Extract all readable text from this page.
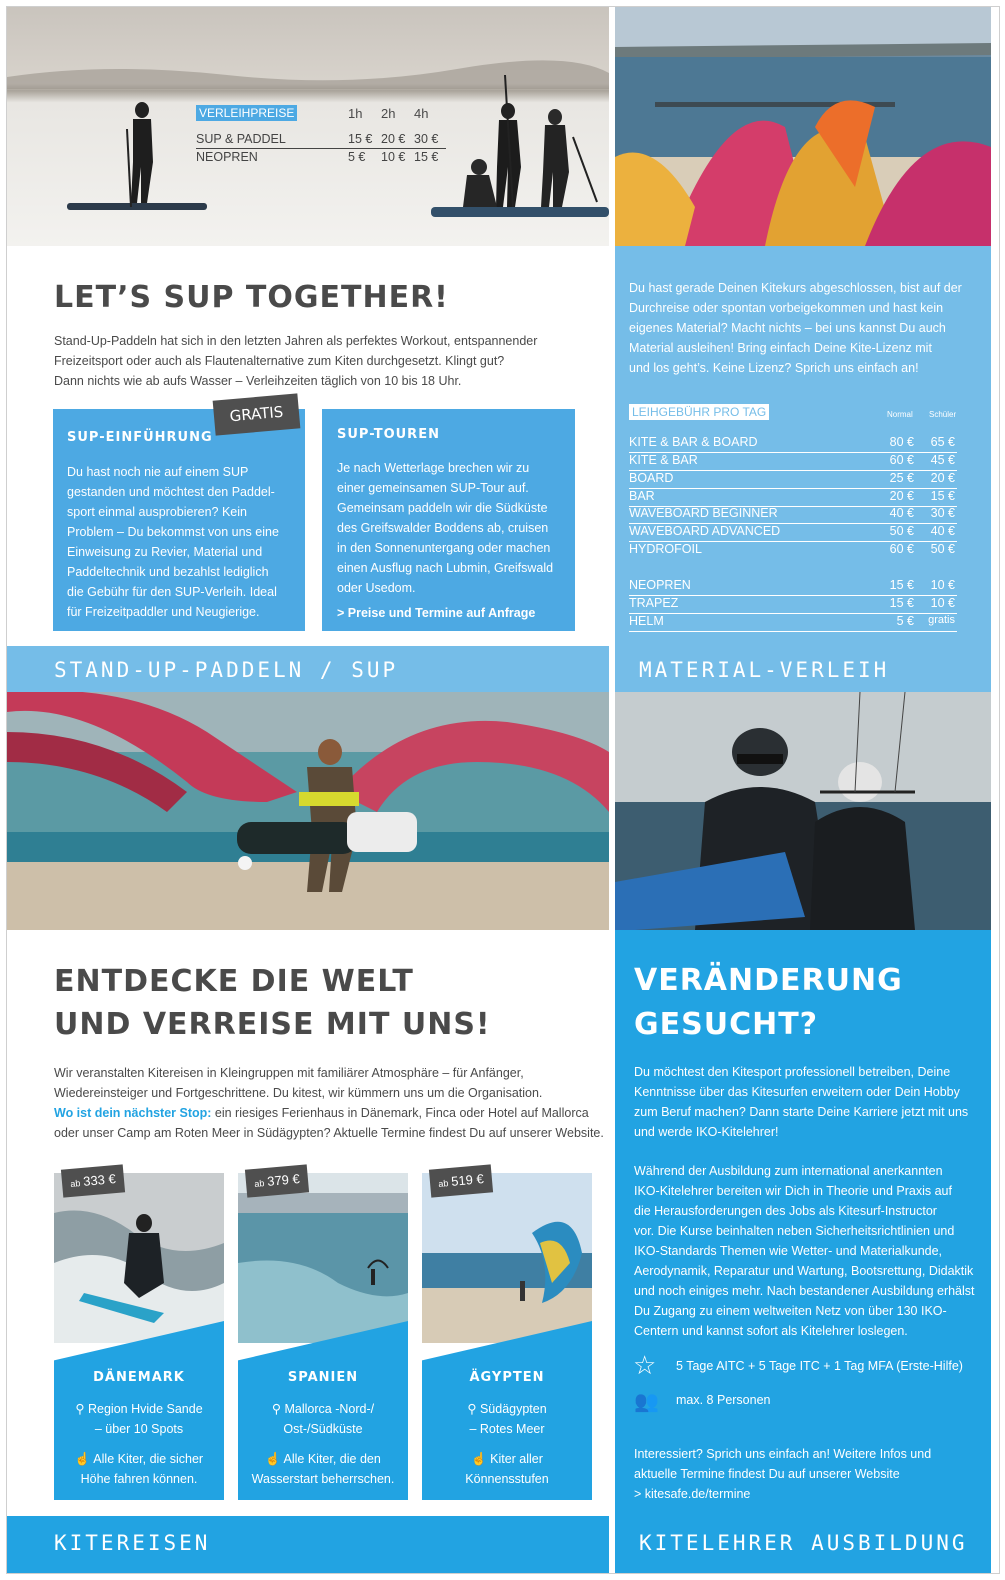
VERLEIHPREISE	1h 2h 4h
SUP & PADDEL	15 € 20 € 30 €
NEOPREN	5 € 10 € 15 €
LET’S SUP TOGETHER!
Stand-Up-Paddeln hat sich in den letzten Jahren als perfektes Workout, entspannender
Freizeitsport oder auch als Flautenalternative zum Kiten durchgesetzt. Klingt gut?
Dann nichts wie ab aufs Wasser – Verleihzeiten täglich von 10 bis 18 Uhr.
SUP-EINFÜHRUNG
GRATIS
Du hast noch nie auf einem SUP
gestanden und möchtest den Paddel-
sport einmal ausprobieren? Kein
Problem – Du bekommst von uns eine
Einweisung zu Revier, Material und
Paddeltechnik und bezahlst lediglich
die Gebühr für den SUP-Verleih. Ideal
für Freizeitpaddler und Neugierige.
SUP-TOUREN
Je nach Wetterlage brechen wir zu
einer gemeinsamen SUP-Tour auf.
Gemeinsam paddeln wir die Südküste
des Greifswalder Boddens ab, cruisen
in den Sonnenuntergang oder machen
einen Ausflug nach Lubmin, Greifswald
oder Usedom.
> Preise und Termine auf Anfrage
Du hast gerade Deinen Kitekurs abgeschlossen, bist auf der
Durchreise oder spontan vorbeigekommen und hast kein
eigenes Material? Macht nichts – bei uns kannst Du auch
Material ausleihen! Bring einfach Deine Kite-Lizenz mit
und los geht’s. Keine Lizenz? Sprich uns einfach an!
LEIHGEBÜHR PRO TAG	Normal Schüler
KITE & BAR & BOARD	80 €	65 €
KITE & BAR	60 €	45 €
BOARD	25 €	20 €
BAR	20 €	15 €
WAVEBOARD BEGINNER	40 €	30 €
WAVEBOARD ADVANCED	50 €	40 €
HYDROFOIL	60 €	50 €
NEOPREN	15 €	10 €
TRAPEZ	15 €	10 €
HELM	5 €	gratis
STAND-UP-PADDELN / SUP	MATERIAL-VERLEIH
ENTDECKE DIE WELT
UND VERREISE MIT UNS!
Wir veranstalten Kitereisen in Kleingruppen mit familiärer Atmosphäre – für Anfänger,
Wiedereinsteiger und Fortgeschrittene. Du kitest, wir kümmern uns um die Organisation.
Wo ist dein nächster Stop: ein riesiges Ferienhaus in Dänemark, Finca oder Hotel auf Mallorca
oder unser Camp am Roten Meer in Südägypten? Aktuelle Termine findest Du auf unserer Website.
ab 333 €
DÄNEMARK
⚲ Region Hvide Sande
– über 10 Spots
☝ Alle Kiter, die sicher
Höhe fahren können.
ab 379 €
SPANIEN
⚲ Mallorca -Nord-/
Ost-/Südküste
☝ Alle Kiter, die den
Wasserstart beherrschen.
ab 519 €
ÄGYPTEN
⚲ Südägypten
– Rotes Meer
☝ Kiter aller
Könnensstufen
VERÄNDERUNG
GESUCHT?
Du möchtest den Kitesport professionell betreiben, Deine
Kenntnisse über das Kitesurfen erweitern oder Dein Hobby
zum Beruf machen? Dann starte Deine Karriere jetzt mit uns
und werde IKO-Kitelehrer!
Während der Ausbildung zum international anerkannten
IKO-Kitelehrer bereiten wir Dich in Theorie und Praxis auf
die Herausforderungen des Jobs als Kitesurf-Instructor
vor. Die Kurse beinhalten neben Sicherheitsrichtlinien und
IKO-Standards Themen wie Wetter- und Materialkunde,
Aerodynamik, Reparatur und Wartung, Bootsrettung, Didaktik
und noch einiges mehr. Nach bestandener Ausbildung erhälst
Du Zugang zu einem weltweiten Netz von über 130 IKO-
Centern und kannst sofort als Kitelehrer loslegen.
☆ 5 Tage AITC + 5 Tage ITC + 1 Tag MFA (Erste-Hilfe)
👥 max. 8 Personen
Interessiert? Sprich uns einfach an! Weitere Infos und
aktuelle Termine findest Du auf unserer Website
> kitesafe.de/termine
KITEREISEN	KITELEHRER AUSBILDUNG
